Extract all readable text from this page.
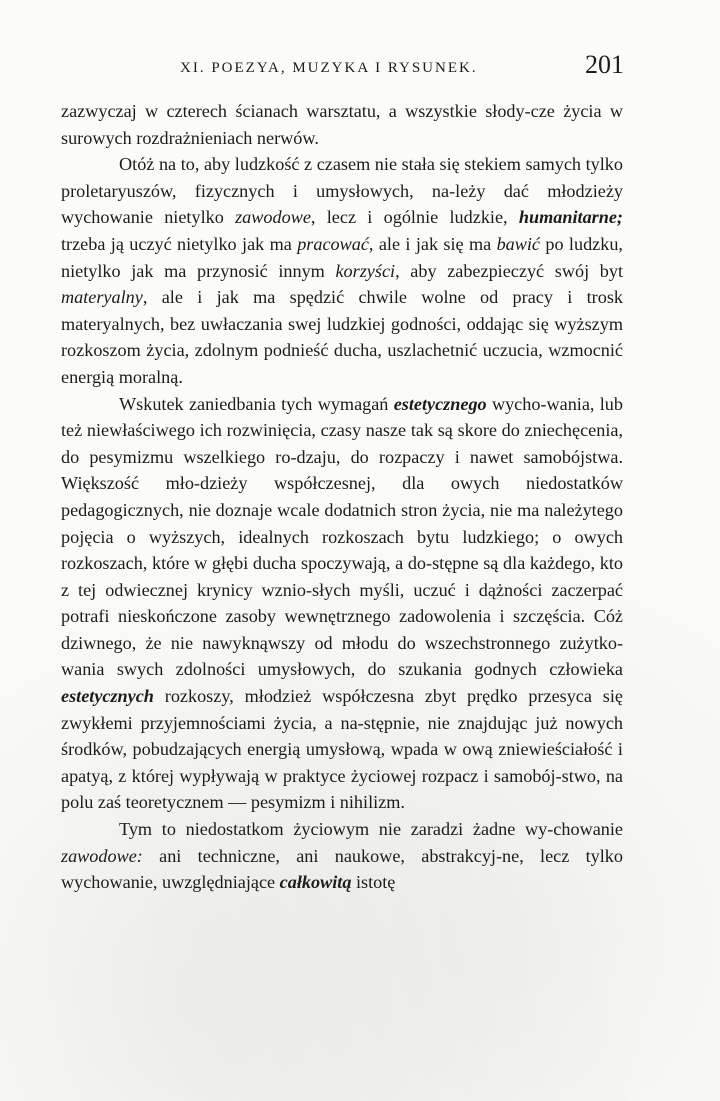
XI. POEZYA, MUZYKA I RYSUNEK.	201

zazwyczaj w czterech ścianach warsztatu, a wszystkie słody-cze życia w surowych rozdrażnieniach nerwów.

Otóż na to, aby ludzkość z czasem nie stała się stekiem samych tylko proletaryuszów, fizycznych i umysłowych, na-leży dać młodzieży wychowanie nietylko zawodowe, lecz i ogólnie ludzkie, humanitarne; trzeba ją uczyć nietylko jak ma pracować, ale i jak się ma bawić po ludzku, nietylko jak ma przynosić innym korzyści, aby zabezpieczyć swój byt materyalny, ale i jak ma spędzić chwile wolne od pracy i trosk materyalnych, bez uwłaczania swej ludzkiej godności, oddając się wyższym rozkoszom życia, zdolnym podnieść ducha, uszlachetnić uczucia, wzmocnić energią moralną.

Wskutek zaniedbania tych wymagań estetycznego wycho-wania, lub też niewłaściwego ich rozwinięcia, czasy nasze tak są skore do zniechęcenia, do pesymizmu wszelkiego ro-dzaju, do rozpaczy i nawet samobójstwa. Większość mło-dzieży współczesnej, dla owych niedostatków pedagogicznych, nie doznaje wcale dodatnich stron życia, nie ma należytego pojęcia o wyższych, idealnych rozkoszach bytu ludzkiego; o owych rozkoszach, które w głębi ducha spoczywają, a do-stępne są dla każdego, kto z tej odwiecznej krynicy wznio-słych myśli, uczuć i dążności zaczerpać potrafi nieskończone zasoby wewnętrznego zadowolenia i szczęścia. Cóż dziwnego, że nie nawyknąwszy od młodu do wszechstronnego zużytko-wania swych zdolności umysłowych, do szukania godnych człowieka estetycznych rozkoszy, młodzież współczesna zbyt prędko przesyca się zwykłemi przyjemnościami życia, a na-stępnie, nie znajdując już nowych środków, pobudzających energią umysłową, wpada w ową zniewieściałość i apatyą, z której wypływają w praktyce życiowej rozpacz i samobój-stwo, na polu zaś teoretycznem — pesymizm i nihilizm.

Tym to niedostatkom życiowym nie zaradzi żadne wy-chowanie zawodowe: ani techniczne, ani naukowe, abstrakcyj-ne, lecz tylko wychowanie, uwzględniające całkowitą istotę
